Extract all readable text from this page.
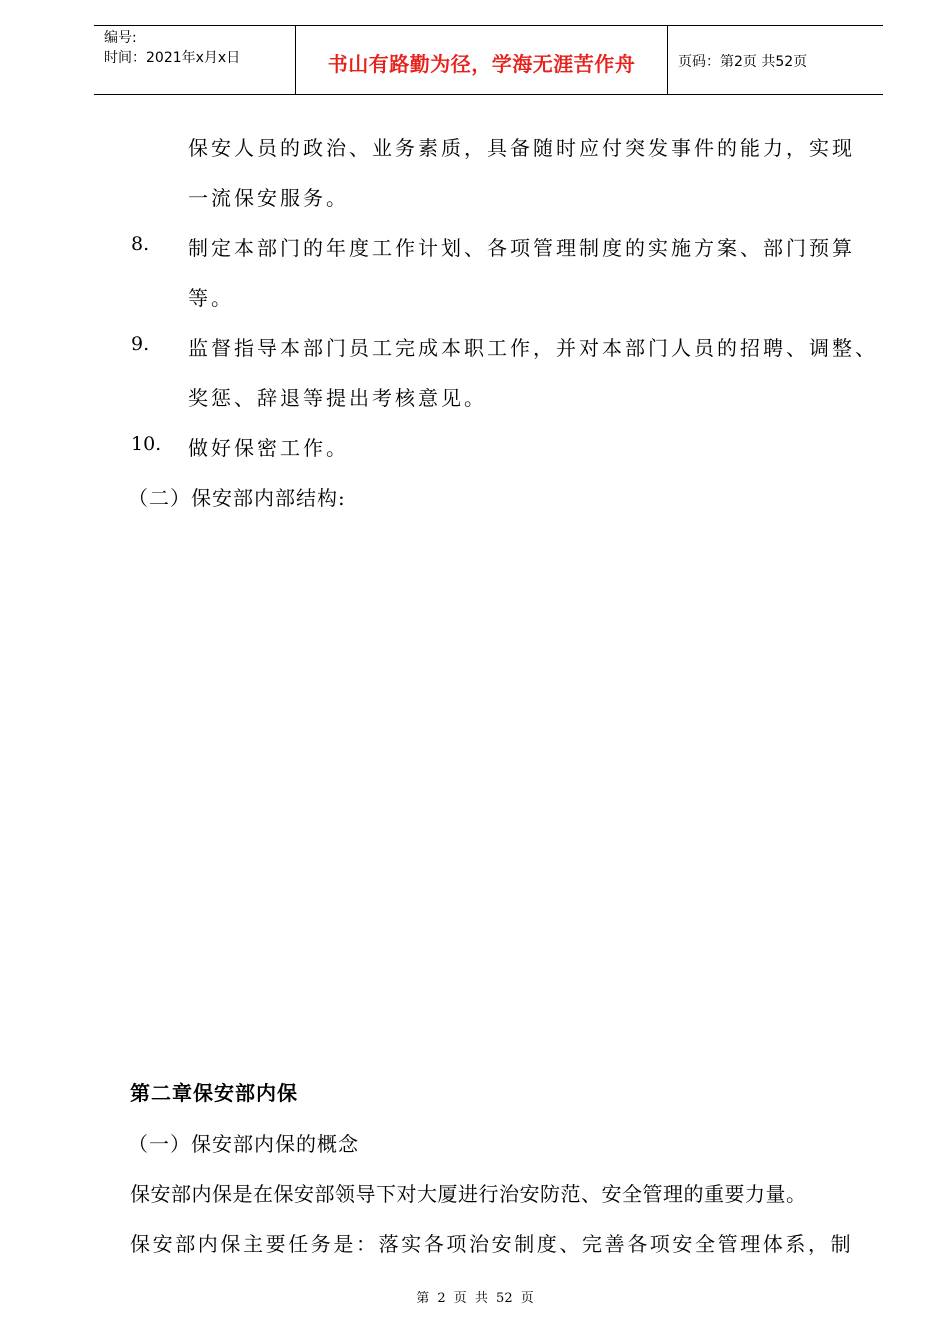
编号:
时间：2021年x月x日	书山有路勤为径，学海无涯苦作舟	页码：第2页 共52页
保安人员的政治、业务素质，具备随时应付突发事件的能力，实现
一流保安服务。
8. 制定本部门的年度工作计划、各项管理制度的实施方案、部门预算
等。
9. 监督指导本部门员工完成本职工作，并对本部门人员的招聘、调整、
奖惩、辞退等提出考核意见。
10. 做好保密工作。
（二）保安部内部结构:
第二章保安部内保
（一）保安部内保的概念
保安部内保是在保安部领导下对大厦进行治安防范、安全管理的重要力量。
保安部内保主要任务是：落实各项治安制度、完善各项安全管理体系，制
第 2 页 共 52 页
